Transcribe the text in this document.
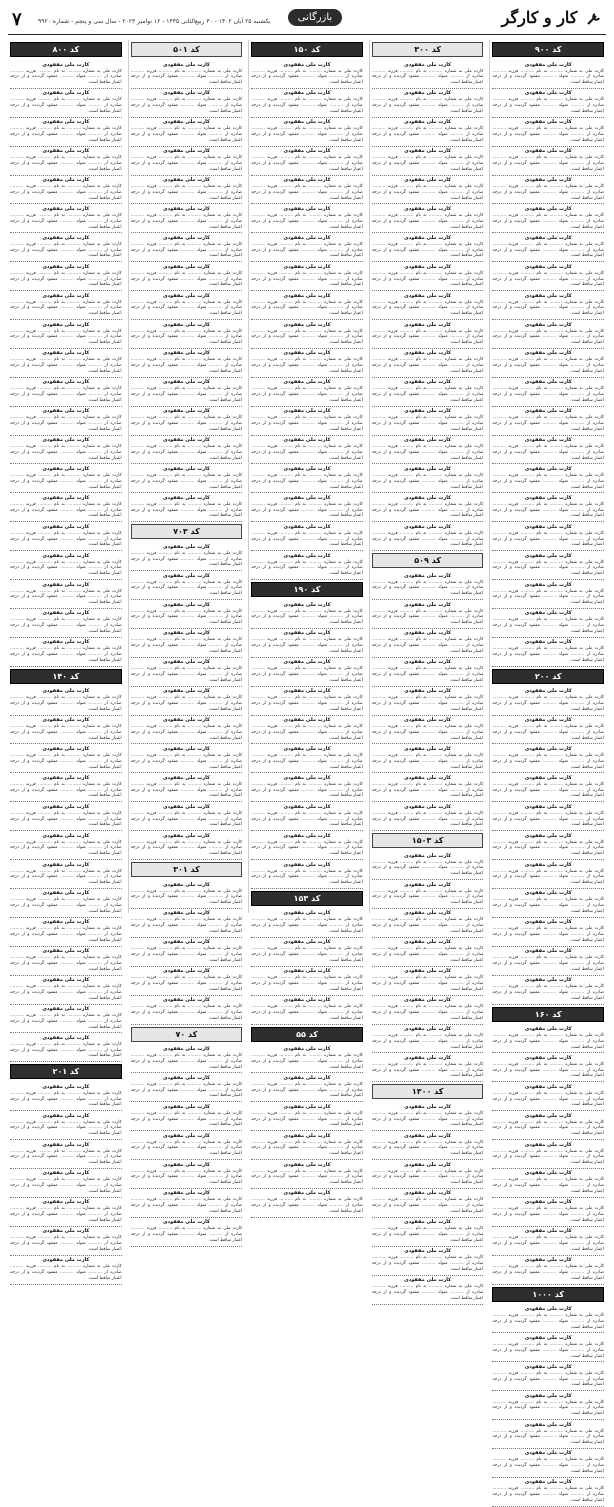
کار و کارگر
بازرگانی
یکشنبه ۲۵ آبان ۱۴۰۲ - ۳۰ ربیع‌الثانی ۱۴۴۵ - ۱۶ نوامبر ۲۰۲۳ - سال سی و پنجم - شماره ۹۹۲۰
۷
کد ۹۰۰
کارت ملی مفقودی

کارت ملی به شماره .......... به نام .......... فرزند .......... صادره از .......... متولد .......... مفقود گردیده و از درجه اعتبار ساقط است.

کارت ملی مفقودی

کارت ملی به شماره .......... به نام .......... فرزند .......... صادره از .......... متولد .......... مفقود گردیده و از درجه اعتبار ساقط است.

کارت ملی مفقودی

کارت ملی به شماره .......... به نام .......... فرزند .......... صادره از .......... متولد .......... مفقود گردیده و از درجه اعتبار ساقط است.

کارت ملی مفقودی

کارت ملی به شماره .......... به نام .......... فرزند .......... صادره از .......... متولد .......... مفقود گردیده و از درجه اعتبار ساقط است.

کارت ملی مفقودی

کارت ملی به شماره .......... به نام .......... فرزند .......... صادره از .......... متولد .......... مفقود گردیده و از درجه اعتبار ساقط است.

کارت ملی مفقودی

کارت ملی به شماره .......... به نام .......... فرزند .......... صادره از .......... متولد .......... مفقود گردیده و از درجه اعتبار ساقط است.

کارت ملی مفقودی

کارت ملی به شماره .......... به نام .......... فرزند .......... صادره از .......... متولد .......... مفقود گردیده و از درجه اعتبار ساقط است.

کارت ملی مفقودی

کارت ملی به شماره .......... به نام .......... فرزند .......... صادره از .......... متولد .......... مفقود گردیده و از درجه اعتبار ساقط است.

کارت ملی مفقودی

کارت ملی به شماره .......... به نام .......... فرزند .......... صادره از .......... متولد .......... مفقود گردیده و از درجه اعتبار ساقط است.

کارت ملی مفقودی

کارت ملی به شماره .......... به نام .......... فرزند .......... صادره از .......... متولد .......... مفقود گردیده و از درجه اعتبار ساقط است.

کارت ملی مفقودی

کارت ملی به شماره .......... به نام .......... فرزند .......... صادره از .......... متولد .......... مفقود گردیده و از درجه اعتبار ساقط است.

کارت ملی مفقودی

کارت ملی به شماره .......... به نام .......... فرزند .......... صادره از .......... متولد .......... مفقود گردیده و از درجه اعتبار ساقط است.

کارت ملی مفقودی

کارت ملی به شماره .......... به نام .......... فرزند .......... صادره از .......... متولد .......... مفقود گردیده و از درجه اعتبار ساقط است.

کارت ملی مفقودی

کارت ملی به شماره .......... به نام .......... فرزند .......... صادره از .......... متولد .......... مفقود گردیده و از درجه اعتبار ساقط است.

کارت ملی مفقودی

کارت ملی به شماره .......... به نام .......... فرزند .......... صادره از .......... متولد .......... مفقود گردیده و از درجه اعتبار ساقط است.

کارت ملی مفقودی

کارت ملی به شماره .......... به نام .......... فرزند .......... صادره از .......... متولد .......... مفقود گردیده و از درجه اعتبار ساقط است.

کارت ملی مفقودی

کارت ملی به شماره .......... به نام .......... فرزند .......... صادره از .......... متولد .......... مفقود گردیده و از درجه اعتبار ساقط است.

کارت ملی مفقودی

کارت ملی به شماره .......... به نام .......... فرزند .......... صادره از .......... متولد .......... مفقود گردیده و از درجه اعتبار ساقط است.

کارت ملی مفقودی

کارت ملی به شماره .......... به نام .......... فرزند .......... صادره از .......... متولد .......... مفقود گردیده و از درجه اعتبار ساقط است.

کارت ملی مفقودی

کارت ملی به شماره .......... به نام .......... فرزند .......... صادره از .......... متولد .......... مفقود گردیده و از درجه اعتبار ساقط است.

کارت ملی مفقودی

کارت ملی به شماره .......... به نام .......... فرزند .......... صادره از .......... متولد .......... مفقود گردیده و از درجه اعتبار ساقط است.

کد ۲۰۰
کارت ملی مفقودی

کارت ملی به شماره .......... به نام .......... فرزند .......... صادره از .......... متولد .......... مفقود گردیده و از درجه اعتبار ساقط است.

کارت ملی مفقودی

کارت ملی به شماره .......... به نام .......... فرزند .......... صادره از .......... متولد .......... مفقود گردیده و از درجه اعتبار ساقط است.

کارت ملی مفقودی

کارت ملی به شماره .......... به نام .......... فرزند .......... صادره از .......... متولد .......... مفقود گردیده و از درجه اعتبار ساقط است.

کارت ملی مفقودی

کارت ملی به شماره .......... به نام .......... فرزند .......... صادره از .......... متولد .......... مفقود گردیده و از درجه اعتبار ساقط است.

کارت ملی مفقودی

کارت ملی به شماره .......... به نام .......... فرزند .......... صادره از .......... متولد .......... مفقود گردیده و از درجه اعتبار ساقط است.

کارت ملی مفقودی

کارت ملی به شماره .......... به نام .......... فرزند .......... صادره از .......... متولد .......... مفقود گردیده و از درجه اعتبار ساقط است.

کارت ملی مفقودی

کارت ملی به شماره .......... به نام .......... فرزند .......... صادره از .......... متولد .......... مفقود گردیده و از درجه اعتبار ساقط است.

کارت ملی مفقودی

کارت ملی به شماره .......... به نام .......... فرزند .......... صادره از .......... متولد .......... مفقود گردیده و از درجه اعتبار ساقط است.

کارت ملی مفقودی

کارت ملی به شماره .......... به نام .......... فرزند .......... صادره از .......... متولد .......... مفقود گردیده و از درجه اعتبار ساقط است.

کارت ملی مفقودی

کارت ملی به شماره .......... به نام .......... فرزند .......... صادره از .......... متولد .......... مفقود گردیده و از درجه اعتبار ساقط است.

کارت ملی مفقودی

کارت ملی به شماره .......... به نام .......... فرزند .......... صادره از .......... متولد .......... مفقود گردیده و از درجه اعتبار ساقط است.

کد ۱۶۰
کارت ملی مفقودی

کارت ملی به شماره .......... به نام .......... فرزند .......... صادره از .......... متولد .......... مفقود گردیده و از درجه اعتبار ساقط است.

کارت ملی مفقودی

کارت ملی به شماره .......... به نام .......... فرزند .......... صادره از .......... متولد .......... مفقود گردیده و از درجه اعتبار ساقط است.

کارت ملی مفقودی

کارت ملی به شماره .......... به نام .......... فرزند .......... صادره از .......... متولد .......... مفقود گردیده و از درجه اعتبار ساقط است.

کارت ملی مفقودی

کارت ملی به شماره .......... به نام .......... فرزند .......... صادره از .......... متولد .......... مفقود گردیده و از درجه اعتبار ساقط است.

کارت ملی مفقودی

کارت ملی به شماره .......... به نام .......... فرزند .......... صادره از .......... متولد .......... مفقود گردیده و از درجه اعتبار ساقط است.

کارت ملی مفقودی

کارت ملی به شماره .......... به نام .......... فرزند .......... صادره از .......... متولد .......... مفقود گردیده و از درجه اعتبار ساقط است.

کارت ملی مفقودی

کارت ملی به شماره .......... به نام .......... فرزند .......... صادره از .......... متولد .......... مفقود گردیده و از درجه اعتبار ساقط است.

کارت ملی مفقودی

کارت ملی به شماره .......... به نام .......... فرزند .......... صادره از .......... متولد .......... مفقود گردیده و از درجه اعتبار ساقط است.

کارت ملی مفقودی

کارت ملی به شماره .......... به نام .......... فرزند .......... صادره از .......... متولد .......... مفقود گردیده و از درجه اعتبار ساقط است.

کد ۱۰۰۰
کارت ملی مفقودی

کارت ملی به شماره .......... به نام .......... فرزند .......... صادره از .......... متولد .......... مفقود گردیده و از درجه اعتبار ساقط است.

کارت ملی مفقودی

کارت ملی به شماره .......... به نام .......... فرزند .......... صادره از .......... متولد .......... مفقود گردیده و از درجه اعتبار ساقط است.

کارت ملی مفقودی

کارت ملی به شماره .......... به نام .......... فرزند .......... صادره از .......... متولد .......... مفقود گردیده و از درجه اعتبار ساقط است.

کارت ملی مفقودی

کارت ملی به شماره .......... به نام .......... فرزند .......... صادره از .......... متولد .......... مفقود گردیده و از درجه اعتبار ساقط است.

کارت ملی مفقودی

کارت ملی به شماره .......... به نام .......... فرزند .......... صادره از .......... متولد .......... مفقود گردیده و از درجه اعتبار ساقط است.

کارت ملی مفقودی

کارت ملی به شماره .......... به نام .......... فرزند .......... صادره از .......... متولد .......... مفقود گردیده و از درجه اعتبار ساقط است.

کارت ملی مفقودی

کارت ملی به شماره .......... به نام .......... فرزند .......... صادره از .......... متولد .......... مفقود گردیده و از درجه اعتبار ساقط است.

کد ۳۰۰
کارت ملی مفقودی

کارت ملی به شماره .......... به نام .......... فرزند .......... صادره از .......... متولد .......... مفقود گردیده و از درجه اعتبار ساقط است.

کارت ملی مفقودی

کارت ملی به شماره .......... به نام .......... فرزند .......... صادره از .......... متولد .......... مفقود گردیده و از درجه اعتبار ساقط است.

کارت ملی مفقودی

کارت ملی به شماره .......... به نام .......... فرزند .......... صادره از .......... متولد .......... مفقود گردیده و از درجه اعتبار ساقط است.

کارت ملی مفقودی

کارت ملی به شماره .......... به نام .......... فرزند .......... صادره از .......... متولد .......... مفقود گردیده و از درجه اعتبار ساقط است.

کارت ملی مفقودی

کارت ملی به شماره .......... به نام .......... فرزند .......... صادره از .......... متولد .......... مفقود گردیده و از درجه اعتبار ساقط است.

کارت ملی مفقودی

کارت ملی به شماره .......... به نام .......... فرزند .......... صادره از .......... متولد .......... مفقود گردیده و از درجه اعتبار ساقط است.

کارت ملی مفقودی

کارت ملی به شماره .......... به نام .......... فرزند .......... صادره از .......... متولد .......... مفقود گردیده و از درجه اعتبار ساقط است.

کارت ملی مفقودی

کارت ملی به شماره .......... به نام .......... فرزند .......... صادره از .......... متولد .......... مفقود گردیده و از درجه اعتبار ساقط است.

کارت ملی مفقودی

کارت ملی به شماره .......... به نام .......... فرزند .......... صادره از .......... متولد .......... مفقود گردیده و از درجه اعتبار ساقط است.

کارت ملی مفقودی

کارت ملی به شماره .......... به نام .......... فرزند .......... صادره از .......... متولد .......... مفقود گردیده و از درجه اعتبار ساقط است.

کارت ملی مفقودی

کارت ملی به شماره .......... به نام .......... فرزند .......... صادره از .......... متولد .......... مفقود گردیده و از درجه اعتبار ساقط است.

کارت ملی مفقودی

کارت ملی به شماره .......... به نام .......... فرزند .......... صادره از .......... متولد .......... مفقود گردیده و از درجه اعتبار ساقط است.

کارت ملی مفقودی

کارت ملی به شماره .......... به نام .......... فرزند .......... صادره از .......... متولد .......... مفقود گردیده و از درجه اعتبار ساقط است.

کارت ملی مفقودی

کارت ملی به شماره .......... به نام .......... فرزند .......... صادره از .......... متولد .......... مفقود گردیده و از درجه اعتبار ساقط است.

کارت ملی مفقودی

کارت ملی به شماره .......... به نام .......... فرزند .......... صادره از .......... متولد .......... مفقود گردیده و از درجه اعتبار ساقط است.

کارت ملی مفقودی

کارت ملی به شماره .......... به نام .......... فرزند .......... صادره از .......... متولد .......... مفقود گردیده و از درجه اعتبار ساقط است.

کارت ملی مفقودی

کارت ملی به شماره .......... به نام .......... فرزند .......... صادره از .......... متولد .......... مفقود گردیده و از درجه اعتبار ساقط است.

کد ۵۰۹
کارت ملی مفقودی

کارت ملی به شماره .......... به نام .......... فرزند .......... صادره از .......... متولد .......... مفقود گردیده و از درجه اعتبار ساقط است.

کارت ملی مفقودی

کارت ملی به شماره .......... به نام .......... فرزند .......... صادره از .......... متولد .......... مفقود گردیده و از درجه اعتبار ساقط است.

کارت ملی مفقودی

کارت ملی به شماره .......... به نام .......... فرزند .......... صادره از .......... متولد .......... مفقود گردیده و از درجه اعتبار ساقط است.

کارت ملی مفقودی

کارت ملی به شماره .......... به نام .......... فرزند .......... صادره از .......... متولد .......... مفقود گردیده و از درجه اعتبار ساقط است.

کارت ملی مفقودی

کارت ملی به شماره .......... به نام .......... فرزند .......... صادره از .......... متولد .......... مفقود گردیده و از درجه اعتبار ساقط است.

کارت ملی مفقودی

کارت ملی به شماره .......... به نام .......... فرزند .......... صادره از .......... متولد .......... مفقود گردیده و از درجه اعتبار ساقط است.

کارت ملی مفقودی

کارت ملی به شماره .......... به نام .......... فرزند .......... صادره از .......... متولد .......... مفقود گردیده و از درجه اعتبار ساقط است.

کارت ملی مفقودی

کارت ملی به شماره .......... به نام .......... فرزند .......... صادره از .......... متولد .......... مفقود گردیده و از درجه اعتبار ساقط است.

کارت ملی مفقودی

کارت ملی به شماره .......... به نام .......... فرزند .......... صادره از .......... متولد .......... مفقود گردیده و از درجه اعتبار ساقط است.

کد ۱۵۰۳
کارت ملی مفقودی

کارت ملی به شماره .......... به نام .......... فرزند .......... صادره از .......... متولد .......... مفقود گردیده و از درجه اعتبار ساقط است.

کارت ملی مفقودی

کارت ملی به شماره .......... به نام .......... فرزند .......... صادره از .......... متولد .......... مفقود گردیده و از درجه اعتبار ساقط است.

کارت ملی مفقودی

کارت ملی به شماره .......... به نام .......... فرزند .......... صادره از .......... متولد .......... مفقود گردیده و از درجه اعتبار ساقط است.

کارت ملی مفقودی

کارت ملی به شماره .......... به نام .......... فرزند .......... صادره از .......... متولد .......... مفقود گردیده و از درجه اعتبار ساقط است.

کارت ملی مفقودی

کارت ملی به شماره .......... به نام .......... فرزند .......... صادره از .......... متولد .......... مفقود گردیده و از درجه اعتبار ساقط است.

کارت ملی مفقودی

کارت ملی به شماره .......... به نام .......... فرزند .......... صادره از .......... متولد .......... مفقود گردیده و از درجه اعتبار ساقط است.

کارت ملی مفقودی

کارت ملی به شماره .......... به نام .......... فرزند .......... صادره از .......... متولد .......... مفقود گردیده و از درجه اعتبار ساقط است.

کارت ملی مفقودی

کارت ملی به شماره .......... به نام .......... فرزند .......... صادره از .......... متولد .......... مفقود گردیده و از درجه اعتبار ساقط است.

کد ۱۳۰۰
کارت ملی مفقودی

کارت ملی به شماره .......... به نام .......... فرزند .......... صادره از .......... متولد .......... مفقود گردیده و از درجه اعتبار ساقط است.

کارت ملی مفقودی

کارت ملی به شماره .......... به نام .......... فرزند .......... صادره از .......... متولد .......... مفقود گردیده و از درجه اعتبار ساقط است.

کارت ملی مفقودی

کارت ملی به شماره .......... به نام .......... فرزند .......... صادره از .......... متولد .......... مفقود گردیده و از درجه اعتبار ساقط است.

کارت ملی مفقودی

کارت ملی به شماره .......... به نام .......... فرزند .......... صادره از .......... متولد .......... مفقود گردیده و از درجه اعتبار ساقط است.

کارت ملی مفقودی

کارت ملی به شماره .......... به نام .......... فرزند .......... صادره از .......... متولد .......... مفقود گردیده و از درجه اعتبار ساقط است.

کارت ملی مفقودی

کارت ملی به شماره .......... به نام .......... فرزند .......... صادره از .......... متولد .......... مفقود گردیده و از درجه اعتبار ساقط است.

کارت ملی مفقودی

کارت ملی به شماره .......... به نام .......... فرزند .......... صادره از .......... متولد .......... مفقود گردیده و از درجه اعتبار ساقط است.

کد ۱۵۰
کارت ملی مفقودی

کارت ملی به شماره .......... به نام .......... فرزند .......... صادره از .......... متولد .......... مفقود گردیده و از درجه اعتبار ساقط است.

کارت ملی مفقودی

کارت ملی به شماره .......... به نام .......... فرزند .......... صادره از .......... متولد .......... مفقود گردیده و از درجه اعتبار ساقط است.

کارت ملی مفقودی

کارت ملی به شماره .......... به نام .......... فرزند .......... صادره از .......... متولد .......... مفقود گردیده و از درجه اعتبار ساقط است.

کارت ملی مفقودی

کارت ملی به شماره .......... به نام .......... فرزند .......... صادره از .......... متولد .......... مفقود گردیده و از درجه اعتبار ساقط است.

کارت ملی مفقودی

کارت ملی به شماره .......... به نام .......... فرزند .......... صادره از .......... متولد .......... مفقود گردیده و از درجه اعتبار ساقط است.

کارت ملی مفقودی

کارت ملی به شماره .......... به نام .......... فرزند .......... صادره از .......... متولد .......... مفقود گردیده و از درجه اعتبار ساقط است.

کارت ملی مفقودی

کارت ملی به شماره .......... به نام .......... فرزند .......... صادره از .......... متولد .......... مفقود گردیده و از درجه اعتبار ساقط است.

کارت ملی مفقودی

کارت ملی به شماره .......... به نام .......... فرزند .......... صادره از .......... متولد .......... مفقود گردیده و از درجه اعتبار ساقط است.

کارت ملی مفقودی

کارت ملی به شماره .......... به نام .......... فرزند .......... صادره از .......... متولد .......... مفقود گردیده و از درجه اعتبار ساقط است.

کارت ملی مفقودی

کارت ملی به شماره .......... به نام .......... فرزند .......... صادره از .......... متولد .......... مفقود گردیده و از درجه اعتبار ساقط است.

کارت ملی مفقودی

کارت ملی به شماره .......... به نام .......... فرزند .......... صادره از .......... متولد .......... مفقود گردیده و از درجه اعتبار ساقط است.

کارت ملی مفقودی

کارت ملی به شماره .......... به نام .......... فرزند .......... صادره از .......... متولد .......... مفقود گردیده و از درجه اعتبار ساقط است.

کارت ملی مفقودی

کارت ملی به شماره .......... به نام .......... فرزند .......... صادره از .......... متولد .......... مفقود گردیده و از درجه اعتبار ساقط است.

کارت ملی مفقودی

کارت ملی به شماره .......... به نام .......... فرزند .......... صادره از .......... متولد .......... مفقود گردیده و از درجه اعتبار ساقط است.

کارت ملی مفقودی

کارت ملی به شماره .......... به نام .......... فرزند .......... صادره از .......... متولد .......... مفقود گردیده و از درجه اعتبار ساقط است.

کارت ملی مفقودی

کارت ملی به شماره .......... به نام .......... فرزند .......... صادره از .......... متولد .......... مفقود گردیده و از درجه اعتبار ساقط است.

کارت ملی مفقودی

کارت ملی به شماره .......... به نام .......... فرزند .......... صادره از .......... متولد .......... مفقود گردیده و از درجه اعتبار ساقط است.

کارت ملی مفقودی

کارت ملی به شماره .......... به نام .......... فرزند .......... صادره از .......... متولد .......... مفقود گردیده و از درجه اعتبار ساقط است.

کد ۱۹۰
کارت ملی مفقودی

کارت ملی به شماره .......... به نام .......... فرزند .......... صادره از .......... متولد .......... مفقود گردیده و از درجه اعتبار ساقط است.

کارت ملی مفقودی

کارت ملی به شماره .......... به نام .......... فرزند .......... صادره از .......... متولد .......... مفقود گردیده و از درجه اعتبار ساقط است.

کارت ملی مفقودی

کارت ملی به شماره .......... به نام .......... فرزند .......... صادره از .......... متولد .......... مفقود گردیده و از درجه اعتبار ساقط است.

کارت ملی مفقودی

کارت ملی به شماره .......... به نام .......... فرزند .......... صادره از .......... متولد .......... مفقود گردیده و از درجه اعتبار ساقط است.

کارت ملی مفقودی

کارت ملی به شماره .......... به نام .......... فرزند .......... صادره از .......... متولد .......... مفقود گردیده و از درجه اعتبار ساقط است.

کارت ملی مفقودی

کارت ملی به شماره .......... به نام .......... فرزند .......... صادره از .......... متولد .......... مفقود گردیده و از درجه اعتبار ساقط است.

کارت ملی مفقودی

کارت ملی به شماره .......... به نام .......... فرزند .......... صادره از .......... متولد .......... مفقود گردیده و از درجه اعتبار ساقط است.

کارت ملی مفقودی

کارت ملی به شماره .......... به نام .......... فرزند .......... صادره از .......... متولد .......... مفقود گردیده و از درجه اعتبار ساقط است.

کارت ملی مفقودی

کارت ملی به شماره .......... به نام .......... فرزند .......... صادره از .......... متولد .......... مفقود گردیده و از درجه اعتبار ساقط است.

کارت ملی مفقودی

کارت ملی به شماره .......... به نام .......... فرزند .......... صادره از .......... متولد .......... مفقود گردیده و از درجه اعتبار ساقط است.

کد ۱۵۳
کارت ملی مفقودی

کارت ملی به شماره .......... به نام .......... فرزند .......... صادره از .......... متولد .......... مفقود گردیده و از درجه اعتبار ساقط است.

کارت ملی مفقودی

کارت ملی به شماره .......... به نام .......... فرزند .......... صادره از .......... متولد .......... مفقود گردیده و از درجه اعتبار ساقط است.

کارت ملی مفقودی

کارت ملی به شماره .......... به نام .......... فرزند .......... صادره از .......... متولد .......... مفقود گردیده و از درجه اعتبار ساقط است.

کارت ملی مفقودی

کارت ملی به شماره .......... به نام .......... فرزند .......... صادره از .......... متولد .......... مفقود گردیده و از درجه اعتبار ساقط است.

کد ۵۵
کارت ملی مفقودی

کارت ملی به شماره .......... به نام .......... فرزند .......... صادره از .......... متولد .......... مفقود گردیده و از درجه اعتبار ساقط است.

کارت ملی مفقودی

کارت ملی به شماره .......... به نام .......... فرزند .......... صادره از .......... متولد .......... مفقود گردیده و از درجه اعتبار ساقط است.

کارت ملی مفقودی

کارت ملی به شماره .......... به نام .......... فرزند .......... صادره از .......... متولد .......... مفقود گردیده و از درجه اعتبار ساقط است.

کارت ملی مفقودی

کارت ملی به شماره .......... به نام .......... فرزند .......... صادره از .......... متولد .......... مفقود گردیده و از درجه اعتبار ساقط است.

کارت ملی مفقودی

کارت ملی به شماره .......... به نام .......... فرزند .......... صادره از .......... متولد .......... مفقود گردیده و از درجه اعتبار ساقط است.

کارت ملی مفقودی

کارت ملی به شماره .......... به نام .......... فرزند .......... صادره از .......... متولد .......... مفقود گردیده و از درجه اعتبار ساقط است.

کد ۵۰۱
کارت ملی مفقودی

کارت ملی به شماره .......... به نام .......... فرزند .......... صادره از .......... متولد .......... مفقود گردیده و از درجه اعتبار ساقط است.

کارت ملی مفقودی

کارت ملی به شماره .......... به نام .......... فرزند .......... صادره از .......... متولد .......... مفقود گردیده و از درجه اعتبار ساقط است.

کارت ملی مفقودی

کارت ملی به شماره .......... به نام .......... فرزند .......... صادره از .......... متولد .......... مفقود گردیده و از درجه اعتبار ساقط است.

کارت ملی مفقودی

کارت ملی به شماره .......... به نام .......... فرزند .......... صادره از .......... متولد .......... مفقود گردیده و از درجه اعتبار ساقط است.

کارت ملی مفقودی

کارت ملی به شماره .......... به نام .......... فرزند .......... صادره از .......... متولد .......... مفقود گردیده و از درجه اعتبار ساقط است.

کارت ملی مفقودی

کارت ملی به شماره .......... به نام .......... فرزند .......... صادره از .......... متولد .......... مفقود گردیده و از درجه اعتبار ساقط است.

کارت ملی مفقودی

کارت ملی به شماره .......... به نام .......... فرزند .......... صادره از .......... متولد .......... مفقود گردیده و از درجه اعتبار ساقط است.

کارت ملی مفقودی

کارت ملی به شماره .......... به نام .......... فرزند .......... صادره از .......... متولد .......... مفقود گردیده و از درجه اعتبار ساقط است.

کارت ملی مفقودی

کارت ملی به شماره .......... به نام .......... فرزند .......... صادره از .......... متولد .......... مفقود گردیده و از درجه اعتبار ساقط است.

کارت ملی مفقودی

کارت ملی به شماره .......... به نام .......... فرزند .......... صادره از .......... متولد .......... مفقود گردیده و از درجه اعتبار ساقط است.

کارت ملی مفقودی

کارت ملی به شماره .......... به نام .......... فرزند .......... صادره از .......... متولد .......... مفقود گردیده و از درجه اعتبار ساقط است.

کارت ملی مفقودی

کارت ملی به شماره .......... به نام .......... فرزند .......... صادره از .......... متولد .......... مفقود گردیده و از درجه اعتبار ساقط است.

کارت ملی مفقودی

کارت ملی به شماره .......... به نام .......... فرزند .......... صادره از .......... متولد .......... مفقود گردیده و از درجه اعتبار ساقط است.

کارت ملی مفقودی

کارت ملی به شماره .......... به نام .......... فرزند .......... صادره از .......... متولد .......... مفقود گردیده و از درجه اعتبار ساقط است.

کارت ملی مفقودی

کارت ملی به شماره .......... به نام .......... فرزند .......... صادره از .......... متولد .......... مفقود گردیده و از درجه اعتبار ساقط است.

کارت ملی مفقودی

کارت ملی به شماره .......... به نام .......... فرزند .......... صادره از .......... متولد .......... مفقود گردیده و از درجه اعتبار ساقط است.

کد ۷۰۳
کارت ملی مفقودی

کارت ملی به شماره .......... به نام .......... فرزند .......... صادره از .......... متولد .......... مفقود گردیده و از درجه اعتبار ساقط است.

کارت ملی مفقودی

کارت ملی به شماره .......... به نام .......... فرزند .......... صادره از .......... متولد .......... مفقود گردیده و از درجه اعتبار ساقط است.

کارت ملی مفقودی

کارت ملی به شماره .......... به نام .......... فرزند .......... صادره از .......... متولد .......... مفقود گردیده و از درجه اعتبار ساقط است.

کارت ملی مفقودی

کارت ملی به شماره .......... به نام .......... فرزند .......... صادره از .......... متولد .......... مفقود گردیده و از درجه اعتبار ساقط است.

کارت ملی مفقودی

کارت ملی به شماره .......... به نام .......... فرزند .......... صادره از .......... متولد .......... مفقود گردیده و از درجه اعتبار ساقط است.

کارت ملی مفقودی

کارت ملی به شماره .......... به نام .......... فرزند .......... صادره از .......... متولد .......... مفقود گردیده و از درجه اعتبار ساقط است.

کارت ملی مفقودی

کارت ملی به شماره .......... به نام .......... فرزند .......... صادره از .......... متولد .......... مفقود گردیده و از درجه اعتبار ساقط است.

کارت ملی مفقودی

کارت ملی به شماره .......... به نام .......... فرزند .......... صادره از .......... متولد .......... مفقود گردیده و از درجه اعتبار ساقط است.

کارت ملی مفقودی

کارت ملی به شماره .......... به نام .......... فرزند .......... صادره از .......... متولد .......... مفقود گردیده و از درجه اعتبار ساقط است.

کارت ملی مفقودی

کارت ملی به شماره .......... به نام .......... فرزند .......... صادره از .......... متولد .......... مفقود گردیده و از درجه اعتبار ساقط است.

کارت ملی مفقودی

کارت ملی به شماره .......... به نام .......... فرزند .......... صادره از .......... متولد .......... مفقود گردیده و از درجه اعتبار ساقط است.

کد ۳۰۱
کارت ملی مفقودی

کارت ملی به شماره .......... به نام .......... فرزند .......... صادره از .......... متولد .......... مفقود گردیده و از درجه اعتبار ساقط است.

کارت ملی مفقودی

کارت ملی به شماره .......... به نام .......... فرزند .......... صادره از .......... متولد .......... مفقود گردیده و از درجه اعتبار ساقط است.

کارت ملی مفقودی

کارت ملی به شماره .......... به نام .......... فرزند .......... صادره از .......... متولد .......... مفقود گردیده و از درجه اعتبار ساقط است.

کارت ملی مفقودی

کارت ملی به شماره .......... به نام .......... فرزند .......... صادره از .......... متولد .......... مفقود گردیده و از درجه اعتبار ساقط است.

کارت ملی مفقودی

کارت ملی به شماره .......... به نام .......... فرزند .......... صادره از .......... متولد .......... مفقود گردیده و از درجه اعتبار ساقط است.

کد ۷۰
کارت ملی مفقودی

کارت ملی به شماره .......... به نام .......... فرزند .......... صادره از .......... متولد .......... مفقود گردیده و از درجه اعتبار ساقط است.

کارت ملی مفقودی

کارت ملی به شماره .......... به نام .......... فرزند .......... صادره از .......... متولد .......... مفقود گردیده و از درجه اعتبار ساقط است.

کارت ملی مفقودی

کارت ملی به شماره .......... به نام .......... فرزند .......... صادره از .......... متولد .......... مفقود گردیده و از درجه اعتبار ساقط است.

کارت ملی مفقودی

کارت ملی به شماره .......... به نام .......... فرزند .......... صادره از .......... متولد .......... مفقود گردیده و از درجه اعتبار ساقط است.

کارت ملی مفقودی

کارت ملی به شماره .......... به نام .......... فرزند .......... صادره از .......... متولد .......... مفقود گردیده و از درجه اعتبار ساقط است.

کارت ملی مفقودی

کارت ملی به شماره .......... به نام .......... فرزند .......... صادره از .......... متولد .......... مفقود گردیده و از درجه اعتبار ساقط است.

کارت ملی مفقودی

کارت ملی به شماره .......... به نام .......... فرزند .......... صادره از .......... متولد .......... مفقود گردیده و از درجه اعتبار ساقط است.

کد ۸۰۰
کارت ملی مفقودی

کارت ملی به شماره .......... به نام .......... فرزند .......... صادره از .......... متولد .......... مفقود گردیده و از درجه اعتبار ساقط است.

کارت ملی مفقودی

کارت ملی به شماره .......... به نام .......... فرزند .......... صادره از .......... متولد .......... مفقود گردیده و از درجه اعتبار ساقط است.

کارت ملی مفقودی

کارت ملی به شماره .......... به نام .......... فرزند .......... صادره از .......... متولد .......... مفقود گردیده و از درجه اعتبار ساقط است.

کارت ملی مفقودی

کارت ملی به شماره .......... به نام .......... فرزند .......... صادره از .......... متولد .......... مفقود گردیده و از درجه اعتبار ساقط است.

کارت ملی مفقودی

کارت ملی به شماره .......... به نام .......... فرزند .......... صادره از .......... متولد .......... مفقود گردیده و از درجه اعتبار ساقط است.

کارت ملی مفقودی

کارت ملی به شماره .......... به نام .......... فرزند .......... صادره از .......... متولد .......... مفقود گردیده و از درجه اعتبار ساقط است.

کارت ملی مفقودی

کارت ملی به شماره .......... به نام .......... فرزند .......... صادره از .......... متولد .......... مفقود گردیده و از درجه اعتبار ساقط است.

کارت ملی مفقودی

کارت ملی به شماره .......... به نام .......... فرزند .......... صادره از .......... متولد .......... مفقود گردیده و از درجه اعتبار ساقط است.

کارت ملی مفقودی

کارت ملی به شماره .......... به نام .......... فرزند .......... صادره از .......... متولد .......... مفقود گردیده و از درجه اعتبار ساقط است.

کارت ملی مفقودی

کارت ملی به شماره .......... به نام .......... فرزند .......... صادره از .......... متولد .......... مفقود گردیده و از درجه اعتبار ساقط است.

کارت ملی مفقودی

کارت ملی به شماره .......... به نام .......... فرزند .......... صادره از .......... متولد .......... مفقود گردیده و از درجه اعتبار ساقط است.

کارت ملی مفقودی

کارت ملی به شماره .......... به نام .......... فرزند .......... صادره از .......... متولد .......... مفقود گردیده و از درجه اعتبار ساقط است.

کارت ملی مفقودی

کارت ملی به شماره .......... به نام .......... فرزند .......... صادره از .......... متولد .......... مفقود گردیده و از درجه اعتبار ساقط است.

کارت ملی مفقودی

کارت ملی به شماره .......... به نام .......... فرزند .......... صادره از .......... متولد .......... مفقود گردیده و از درجه اعتبار ساقط است.

کارت ملی مفقودی

کارت ملی به شماره .......... به نام .......... فرزند .......... صادره از .......... متولد .......... مفقود گردیده و از درجه اعتبار ساقط است.

کارت ملی مفقودی

کارت ملی به شماره .......... به نام .......... فرزند .......... صادره از .......... متولد .......... مفقود گردیده و از درجه اعتبار ساقط است.

کارت ملی مفقودی

کارت ملی به شماره .......... به نام .......... فرزند .......... صادره از .......... متولد .......... مفقود گردیده و از درجه اعتبار ساقط است.

کارت ملی مفقودی

کارت ملی به شماره .......... به نام .......... فرزند .......... صادره از .......... متولد .......... مفقود گردیده و از درجه اعتبار ساقط است.

کارت ملی مفقودی

کارت ملی به شماره .......... به نام .......... فرزند .......... صادره از .......... متولد .......... مفقود گردیده و از درجه اعتبار ساقط است.

کارت ملی مفقودی

کارت ملی به شماره .......... به نام .......... فرزند .......... صادره از .......... متولد .......... مفقود گردیده و از درجه اعتبار ساقط است.

کارت ملی مفقودی

کارت ملی به شماره .......... به نام .......... فرزند .......... صادره از .......... متولد .......... مفقود گردیده و از درجه اعتبار ساقط است.

کد ۱۴۰
کارت ملی مفقودی

کارت ملی به شماره .......... به نام .......... فرزند .......... صادره از .......... متولد .......... مفقود گردیده و از درجه اعتبار ساقط است.

کارت ملی مفقودی

کارت ملی به شماره .......... به نام .......... فرزند .......... صادره از .......... متولد .......... مفقود گردیده و از درجه اعتبار ساقط است.

کارت ملی مفقودی

کارت ملی به شماره .......... به نام .......... فرزند .......... صادره از .......... متولد .......... مفقود گردیده و از درجه اعتبار ساقط است.

کارت ملی مفقودی

کارت ملی به شماره .......... به نام .......... فرزند .......... صادره از .......... متولد .......... مفقود گردیده و از درجه اعتبار ساقط است.

کارت ملی مفقودی

کارت ملی به شماره .......... به نام .......... فرزند .......... صادره از .......... متولد .......... مفقود گردیده و از درجه اعتبار ساقط است.

کارت ملی مفقودی

کارت ملی به شماره .......... به نام .......... فرزند .......... صادره از .......... متولد .......... مفقود گردیده و از درجه اعتبار ساقط است.

کارت ملی مفقودی

کارت ملی به شماره .......... به نام .......... فرزند .......... صادره از .......... متولد .......... مفقود گردیده و از درجه اعتبار ساقط است.

کارت ملی مفقودی

کارت ملی به شماره .......... به نام .......... فرزند .......... صادره از .......... متولد .......... مفقود گردیده و از درجه اعتبار ساقط است.

کارت ملی مفقودی

کارت ملی به شماره .......... به نام .......... فرزند .......... صادره از .......... متولد .......... مفقود گردیده و از درجه اعتبار ساقط است.

کارت ملی مفقودی

کارت ملی به شماره .......... به نام .......... فرزند .......... صادره از .......... متولد .......... مفقود گردیده و از درجه اعتبار ساقط است.

کارت ملی مفقودی

کارت ملی به شماره .......... به نام .......... فرزند .......... صادره از .......... متولد .......... مفقود گردیده و از درجه اعتبار ساقط است.

کارت ملی مفقودی

کارت ملی به شماره .......... به نام .......... فرزند .......... صادره از .......... متولد .......... مفقود گردیده و از درجه اعتبار ساقط است.

کارت ملی مفقودی

کارت ملی به شماره .......... به نام .......... فرزند .......... صادره از .......... متولد .......... مفقود گردیده و از درجه اعتبار ساقط است.

کد ۲۰۱
کارت ملی مفقودی

کارت ملی به شماره .......... به نام .......... فرزند .......... صادره از .......... متولد .......... مفقود گردیده و از درجه اعتبار ساقط است.

کارت ملی مفقودی

کارت ملی به شماره .......... به نام .......... فرزند .......... صادره از .......... متولد .......... مفقود گردیده و از درجه اعتبار ساقط است.

کارت ملی مفقودی

کارت ملی به شماره .......... به نام .......... فرزند .......... صادره از .......... متولد .......... مفقود گردیده و از درجه اعتبار ساقط است.

کارت ملی مفقودی

کارت ملی به شماره .......... به نام .......... فرزند .......... صادره از .......... متولد .......... مفقود گردیده و از درجه اعتبار ساقط است.

کارت ملی مفقودی

کارت ملی به شماره .......... به نام .......... فرزند .......... صادره از .......... متولد .......... مفقود گردیده و از درجه اعتبار ساقط است.

کارت ملی مفقودی

کارت ملی به شماره .......... به نام .......... فرزند .......... صادره از .......... متولد .......... مفقود گردیده و از درجه اعتبار ساقط است.

کارت ملی مفقودی

کارت ملی به شماره .......... به نام .......... فرزند .......... صادره از .......... متولد .......... مفقود گردیده و از درجه اعتبار ساقط است.
